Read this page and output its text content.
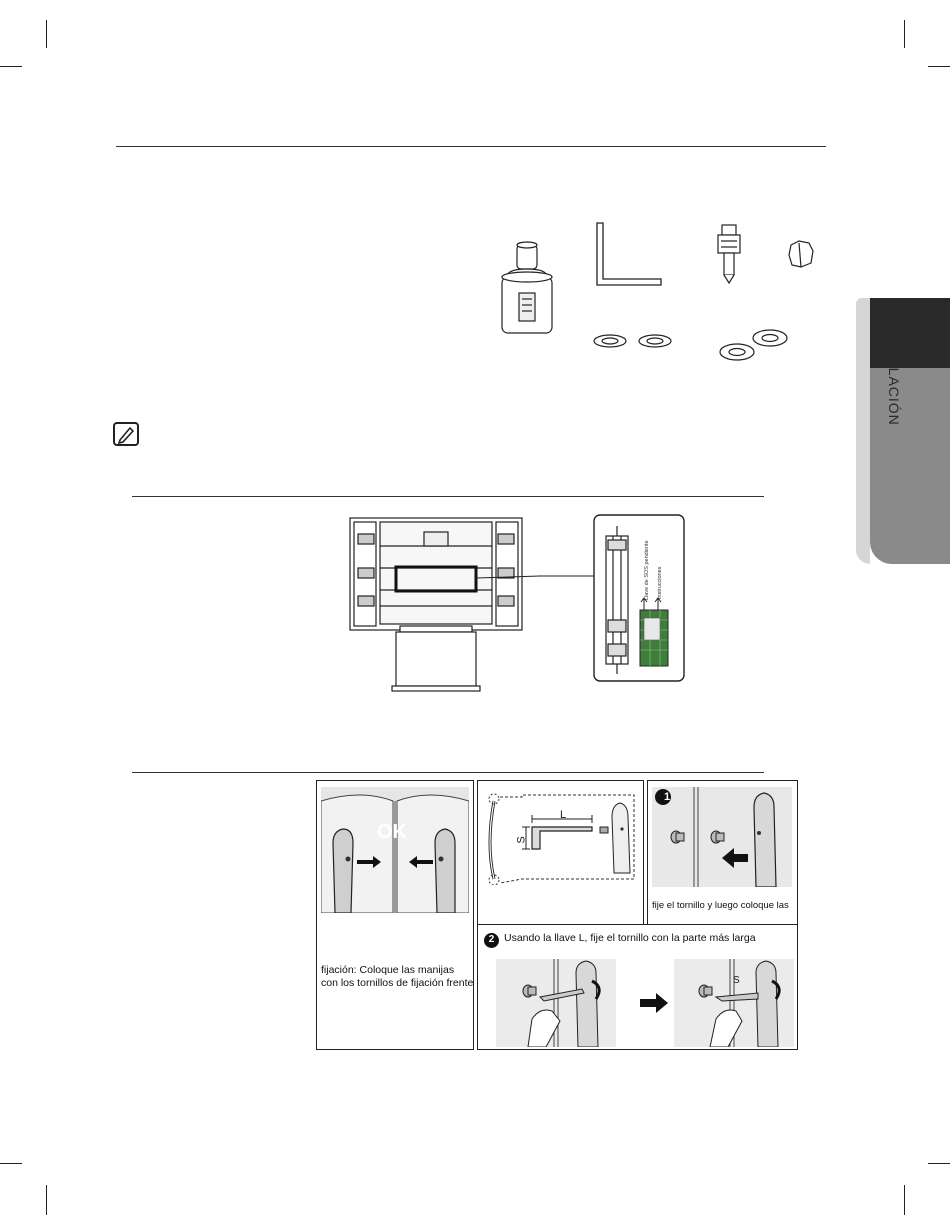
01 INSTALACIÓN
Llave de SOS pendiente	Instrucciones
OK
fijación: Coloque las manijas
con los tornillos de fijación frente
L
S
1
fije el tornillo y luego coloque las
2 Usando la llave L, fije el tornillo con la parte más larga
S
